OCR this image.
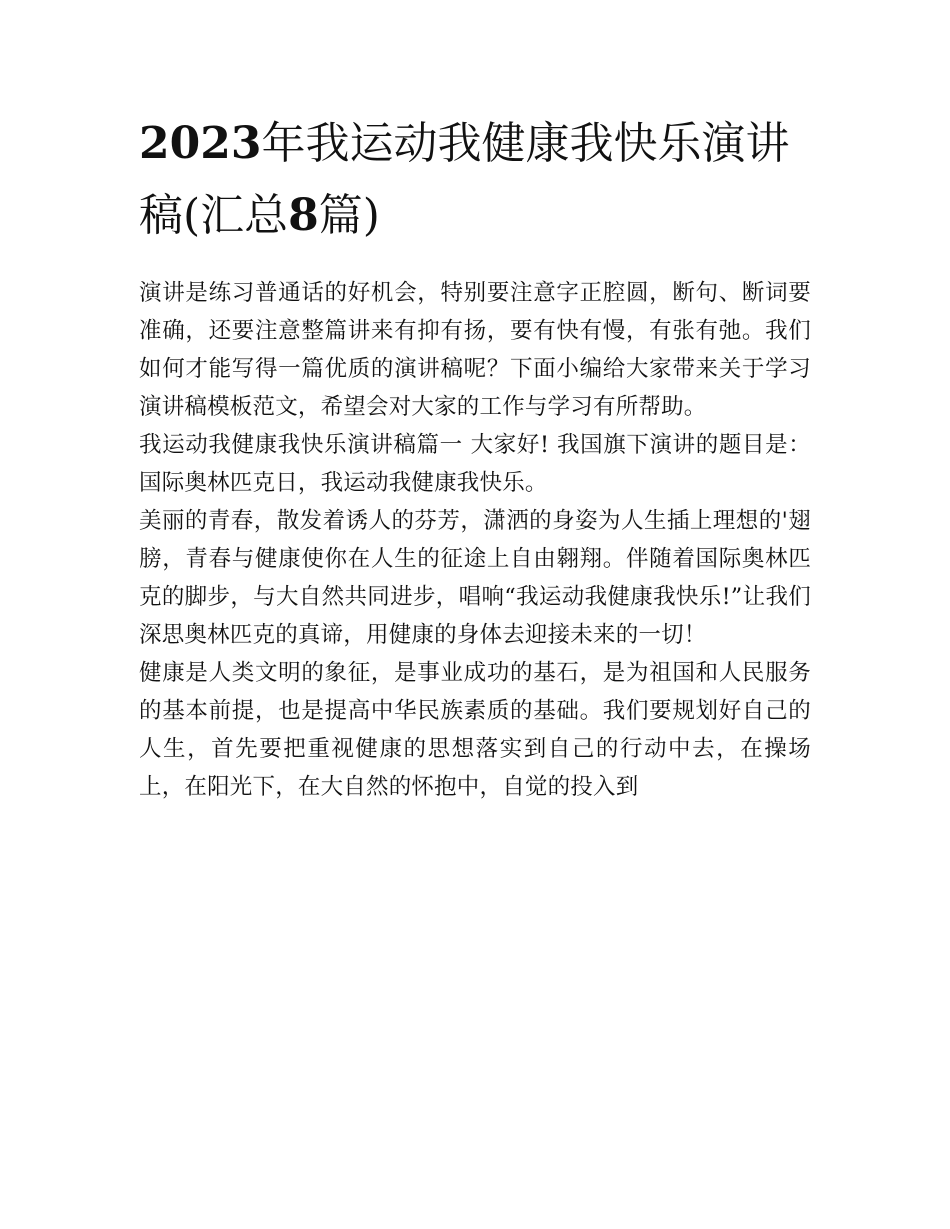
2023年我运动我健康我快乐演讲稿(汇总8篇)

演讲是练习普通话的好机会，特别要注意字正腔圆，断句、断词要准确，还要注意整篇讲来有抑有扬，要有快有慢，有张有弛。我们如何才能写得一篇优质的演讲稿呢？下面小编给大家带来关于学习演讲稿模板范文，希望会对大家的工作与学习有所帮助。

我运动我健康我快乐演讲稿篇一 大家好! 我国旗下演讲的题目是：国际奥林匹克日，我运动我健康我快乐。

美丽的青春，散发着诱人的芬芳，潇洒的身姿为人生插上理想的'翅膀，青春与健康使你在人生的征途上自由翱翔。伴随着国际奥林匹克的脚步，与大自然共同进步，唱响“我运动我健康我快乐!”让我们深思奥林匹克的真谛，用健康的身体去迎接未来的一切！

健康是人类文明的象征，是事业成功的基石，是为祖国和人民服务的基本前提，也是提高中华民族素质的基础。我们要规划好自己的人生，首先要把重视健康的思想落实到自己的行动中去，在操场上，在阳光下，在大自然的怀抱中，自觉的投入到
